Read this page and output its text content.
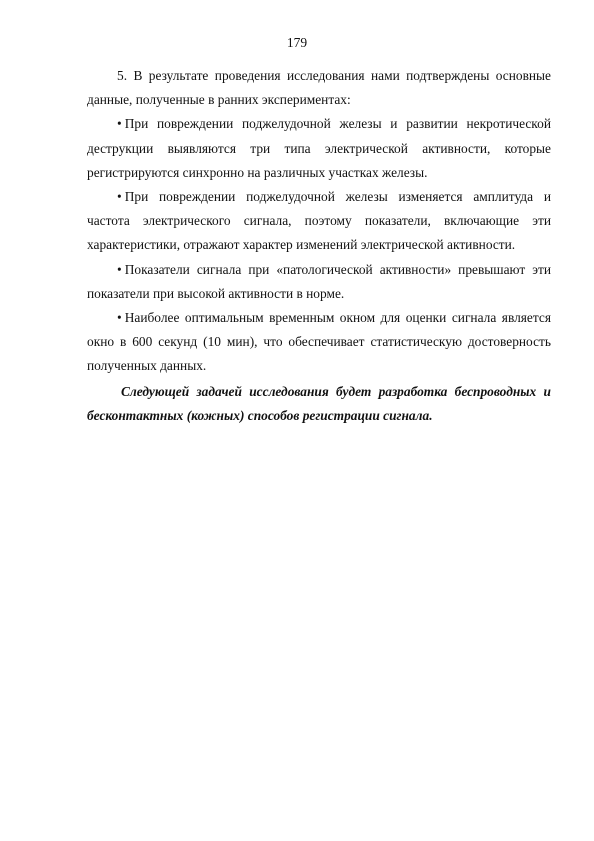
179

5. В результате проведения исследования нами подтверждены основные данные, полученные в ранних экспериментах:

• При повреждении поджелудочной железы и развитии некротической деструкции выявляются три типа электрической активности, которые регистрируются синхронно на различных участках железы.

• При повреждении поджелудочной железы изменяется амплитуда и частота электрического сигнала, поэтому показатели, включающие эти характеристики, отражают характер изменений электрической активности.

• Показатели сигнала при «патологической активности» превышают эти показатели при высокой активности в норме.

• Наиболее оптимальным временным окном для оценки сигнала является окно в 600 секунд (10 мин), что обеспечивает статистическую достоверность полученных данных.

Следующей задачей исследования будет разработка беспроводных и бесконтактных (кожных) способов регистрации сигнала.
